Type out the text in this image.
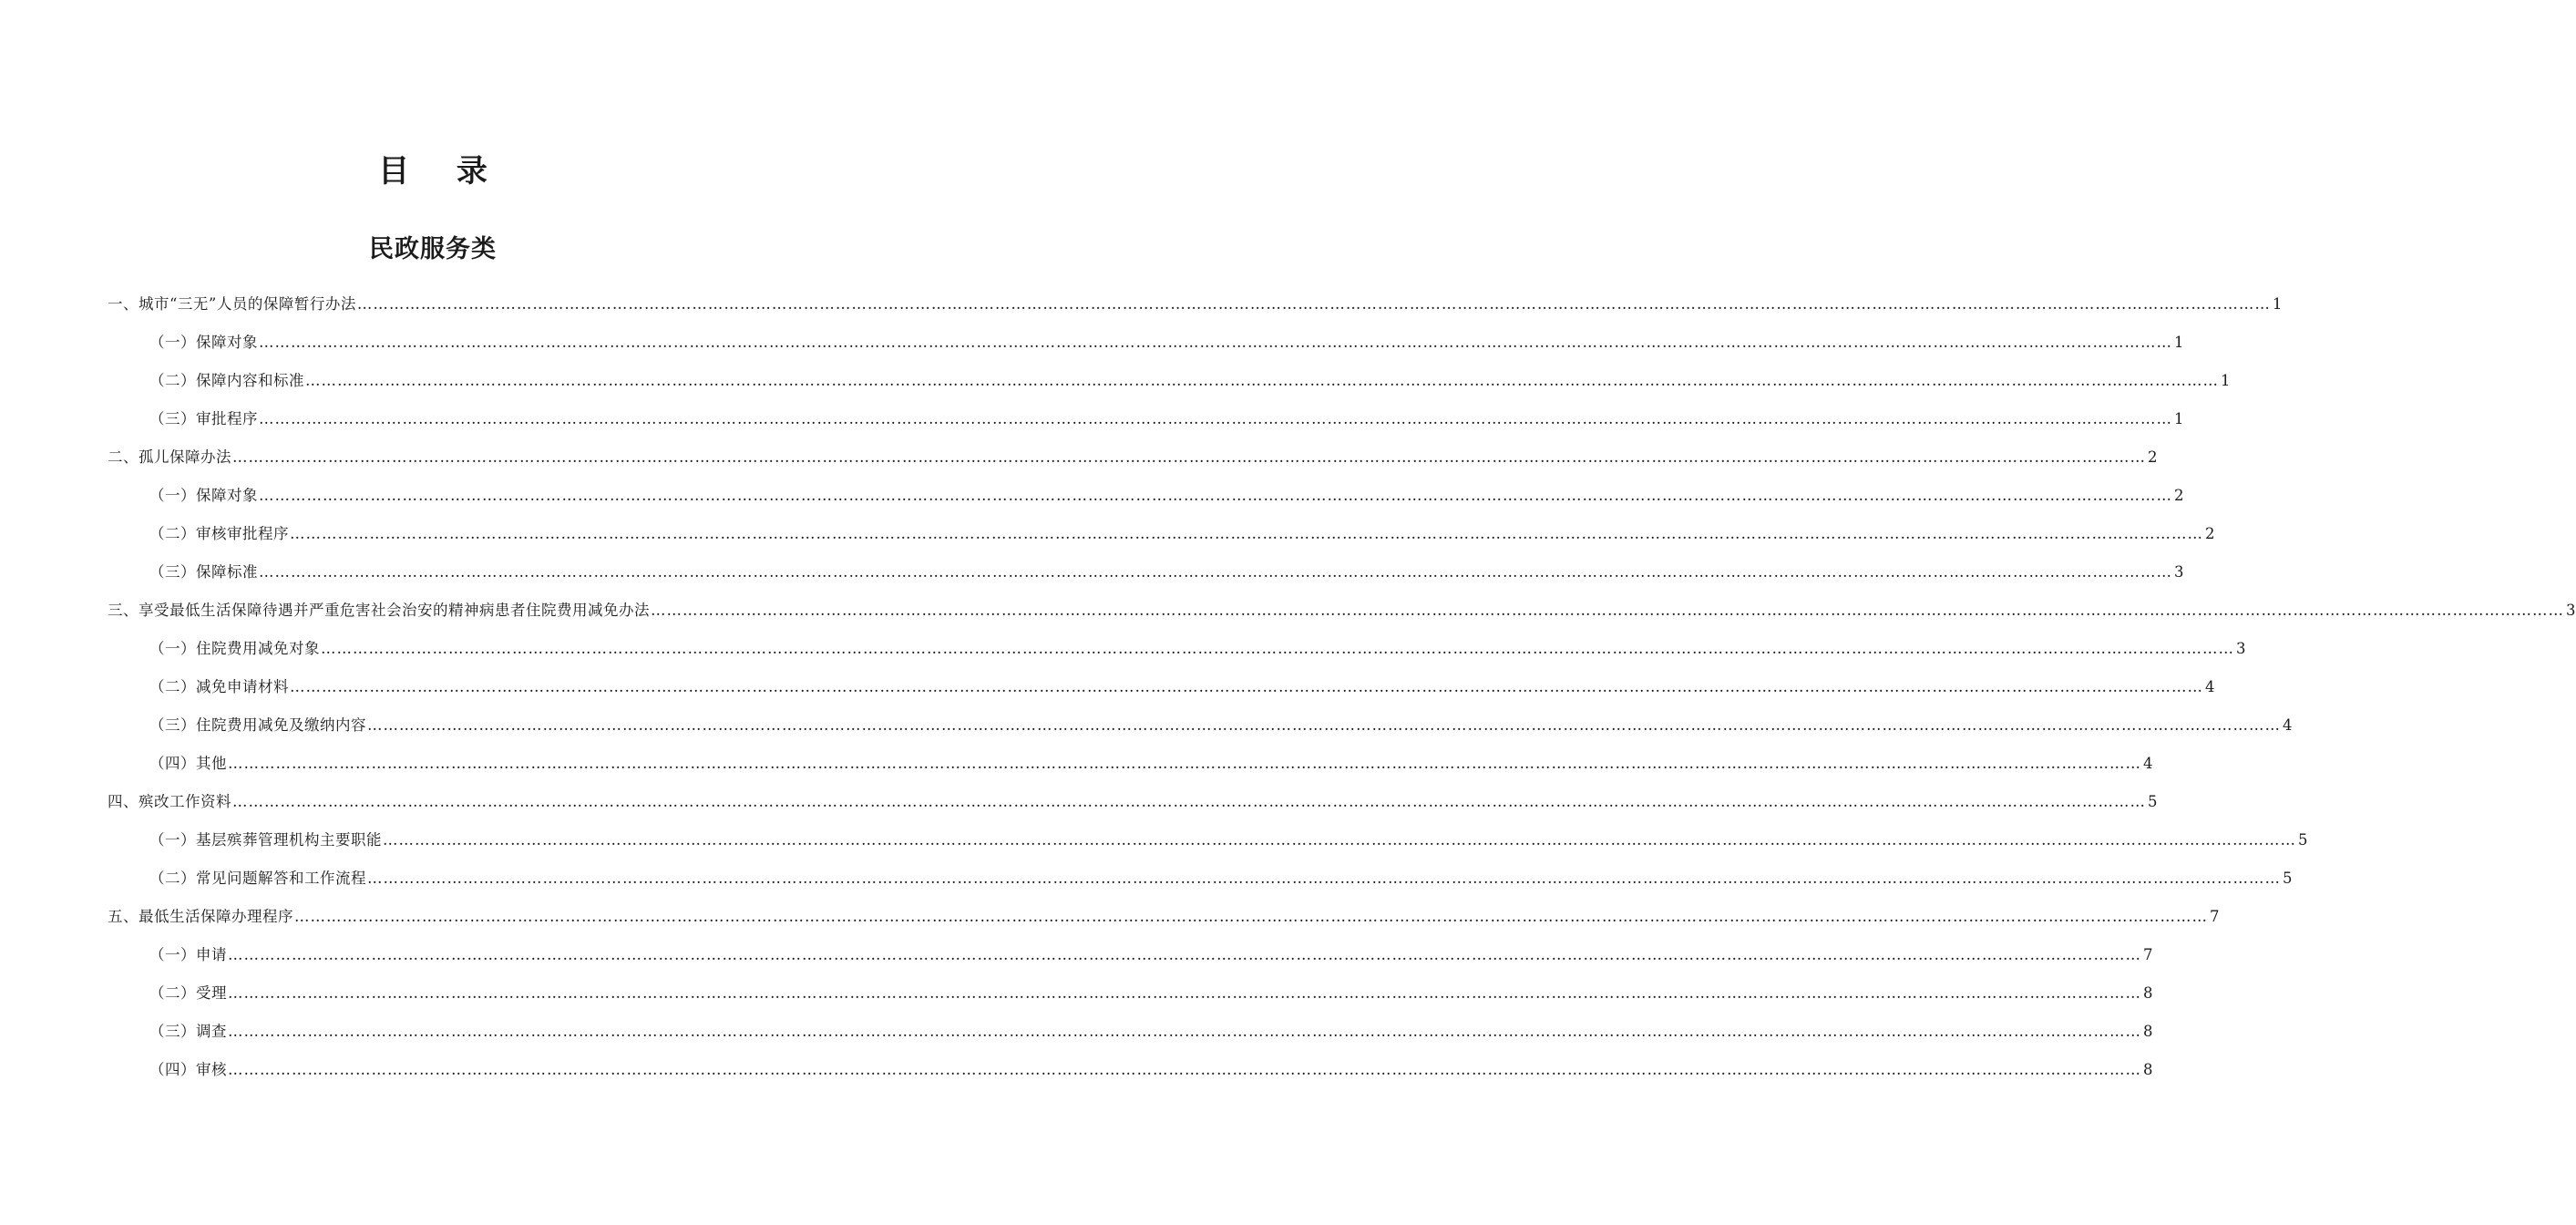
目 录
民政服务类
一、城市“三无”人员的保障暂行办法 ……………………………………………………………………………………………………………………………………………………………………………………………………………………………………………………………………………………………………………………………… 1
（一）保障对象 ……………………………………………………………………………………………………………………………………………………………………………………………………………………………………………………………………………………………………………………………… 1
（二）保障内容和标准 ……………………………………………………………………………………………………………………………………………………………………………………………………………………………………………………………………………………………………………………………… 1
（三）审批程序 ……………………………………………………………………………………………………………………………………………………………………………………………………………………………………………………………………………………………………………………………… 1
二、孤儿保障办法 ……………………………………………………………………………………………………………………………………………………………………………………………………………………………………………………………………………………………………………………………… 2
（一）保障对象 ……………………………………………………………………………………………………………………………………………………………………………………………………………………………………………………………………………………………………………………………… 2
（二）审核审批程序 ……………………………………………………………………………………………………………………………………………………………………………………………………………………………………………………………………………………………………………………………… 2
（三）保障标准 ……………………………………………………………………………………………………………………………………………………………………………………………………………………………………………………………………………………………………………………………… 3
三、享受最低生活保障待遇并严重危害社会治安的精神病患者住院费用减免办法 ……………………………………………………………………………………………………………………………………………………………………………………………………………………………………………………………………………………………………………………………… 3
（一）住院费用减免对象 ……………………………………………………………………………………………………………………………………………………………………………………………………………………………………………………………………………………………………………………………… 3
（二）减免申请材料 ……………………………………………………………………………………………………………………………………………………………………………………………………………………………………………………………………………………………………………………………… 4
（三）住院费用减免及缴纳内容 ……………………………………………………………………………………………………………………………………………………………………………………………………………………………………………………………………………………………………………………………… 4
（四）其他 ……………………………………………………………………………………………………………………………………………………………………………………………………………………………………………………………………………………………………………………………… 4
四、殡改工作资料 ……………………………………………………………………………………………………………………………………………………………………………………………………………………………………………………………………………………………………………………………… 5
（一）基层殡葬管理机构主要职能 ……………………………………………………………………………………………………………………………………………………………………………………………………………………………………………………………………………………………………………………………… 5
（二）常见问题解答和工作流程 ……………………………………………………………………………………………………………………………………………………………………………………………………………………………………………………………………………………………………………………………… 5
五、最低生活保障办理程序 ……………………………………………………………………………………………………………………………………………………………………………………………………………………………………………………………………………………………………………………………… 7
（一）申请 ……………………………………………………………………………………………………………………………………………………………………………………………………………………………………………………………………………………………………………………………… 7
（二）受理 ……………………………………………………………………………………………………………………………………………………………………………………………………………………………………………………………………………………………………………………………… 8
（三）调查 ……………………………………………………………………………………………………………………………………………………………………………………………………………………………………………………………………………………………………………………………… 8
（四）审核 ……………………………………………………………………………………………………………………………………………………………………………………………………………………………………………………………………………………………………………………………… 8
